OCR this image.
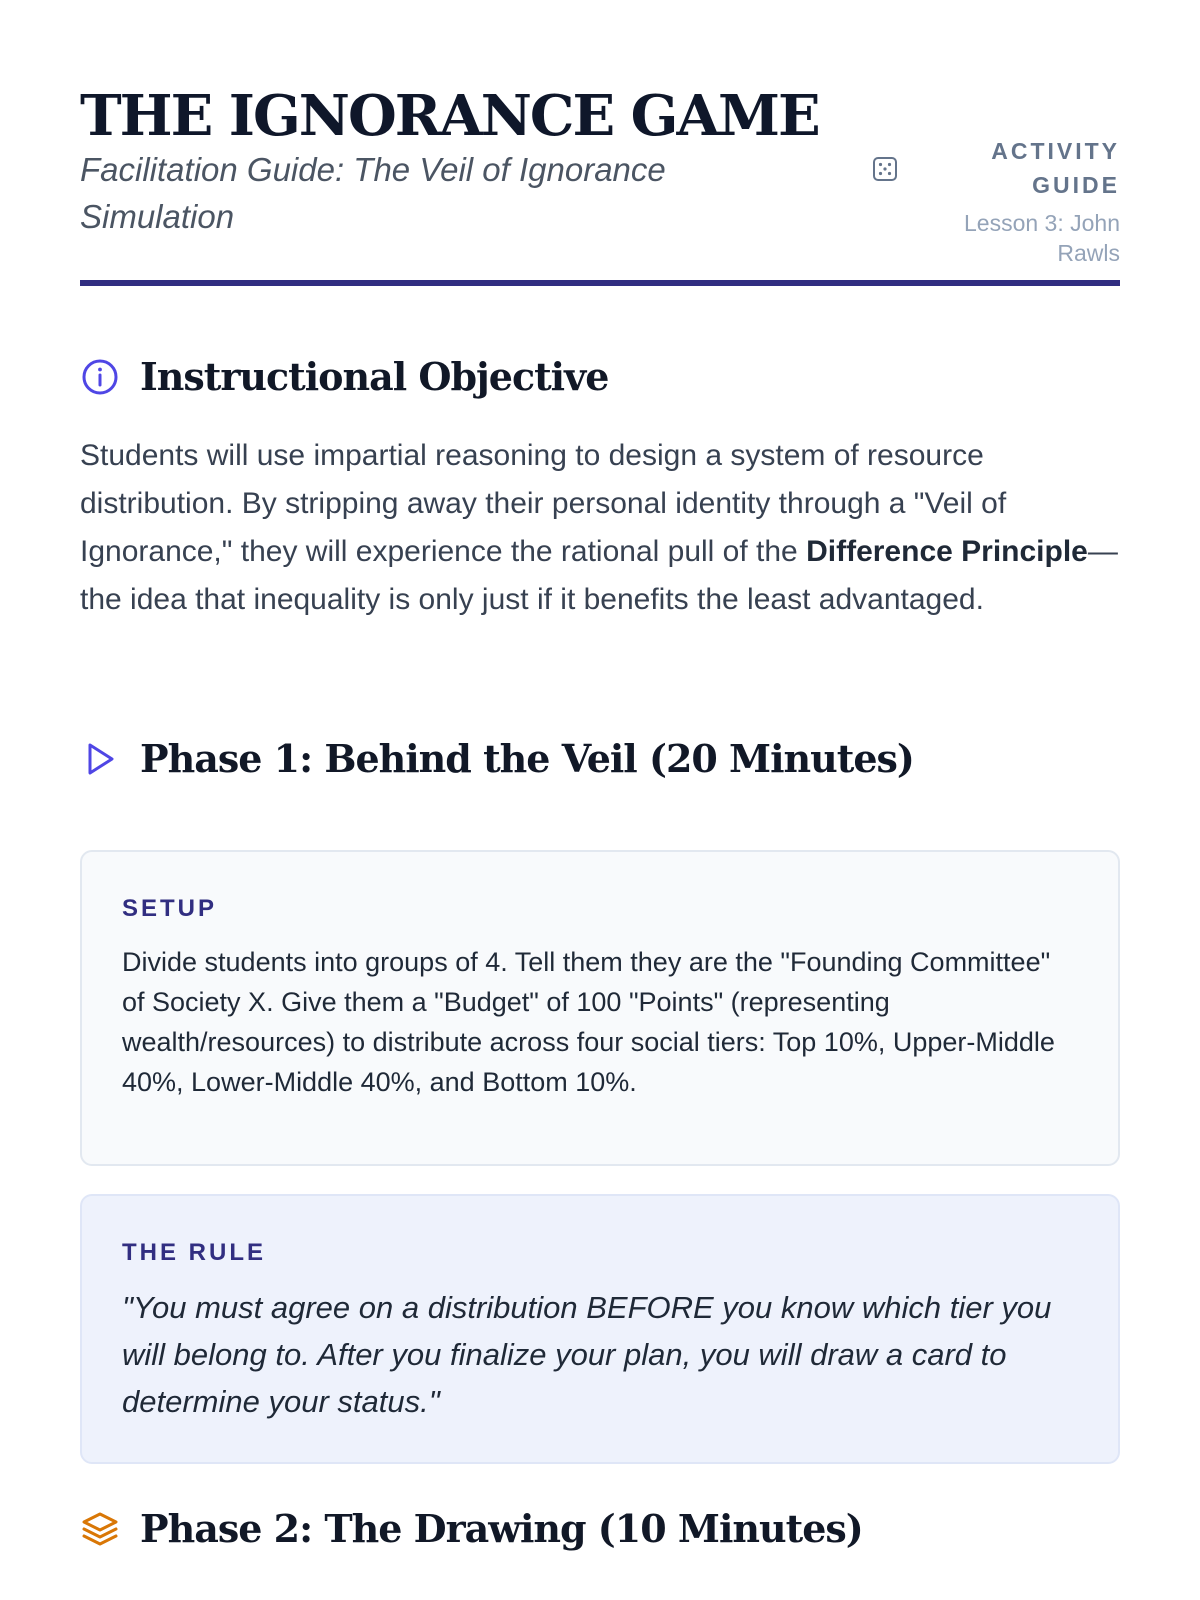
THE IGNORANCE GAME

Facilitation Guide: The Veil of Ignorance Simulation

ACTIVITY GUIDE

Lesson 3: John Rawls
Instructional Objective

Students will use impartial reasoning to design a system of resource distribution. By stripping away their personal identity through a "Veil of Ignorance," they will experience the rational pull of the Difference Principle—the idea that inequality is only just if it benefits the least advantaged.

Phase 1: Behind the Veil (20 Minutes)

SETUP

Divide students into groups of 4. Tell them they are the "Founding Committee" of Society X. Give them a "Budget" of 100 "Points" (representing wealth/resources) to distribute across four social tiers: Top 10%, Upper-Middle 40%, Lower-Middle 40%, and Bottom 10%.

THE RULE

"You must agree on a distribution BEFORE you know which tier you will belong to. After you finalize your plan, you will draw a card to determine your status."

Phase 2: The Drawing (10 Minutes)
